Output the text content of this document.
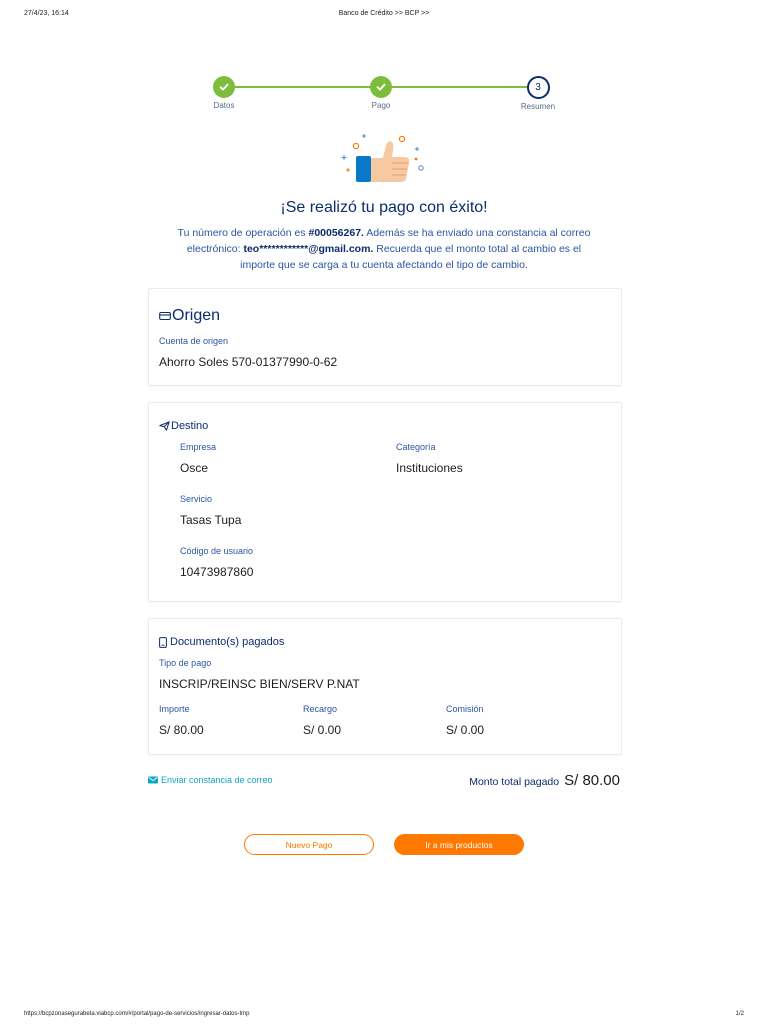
27/4/23, 16:14	Banco de Crédito >> BCP >>
Datos	Pago
3
Resumen
¡Se realizó tu pago con éxito!
Tu número de operación es #00056267. Además se ha enviado una constancia al correo electrónico: teo************@gmail.com. Recuerda que el monto total al cambio es el importe que se carga a tu cuenta afectando el tipo de cambio.
Origen
Cuenta de origen
Ahorro Soles 570-01377990-0-62
Destino
Empresa
Osce
Categoría
Instituciones
Servicio
Tasas Tupa
Código de usuario
10473987860
Documento(s) pagados
Tipo de pago
INSCRIP/REINSC BIEN/SERV P.NAT
Importe
S/ 80.00
Recargo
S/ 0.00
Comisión
S/ 0.00
Enviar constancia de correo	Monto total pagado S/ 80.00
Nuevo Pago	Ir a mis productos
https://bcpzonasegurabeta.viabcp.com/#/portal/pago-de-servicios/ingresar-datos-tmp	1/2
